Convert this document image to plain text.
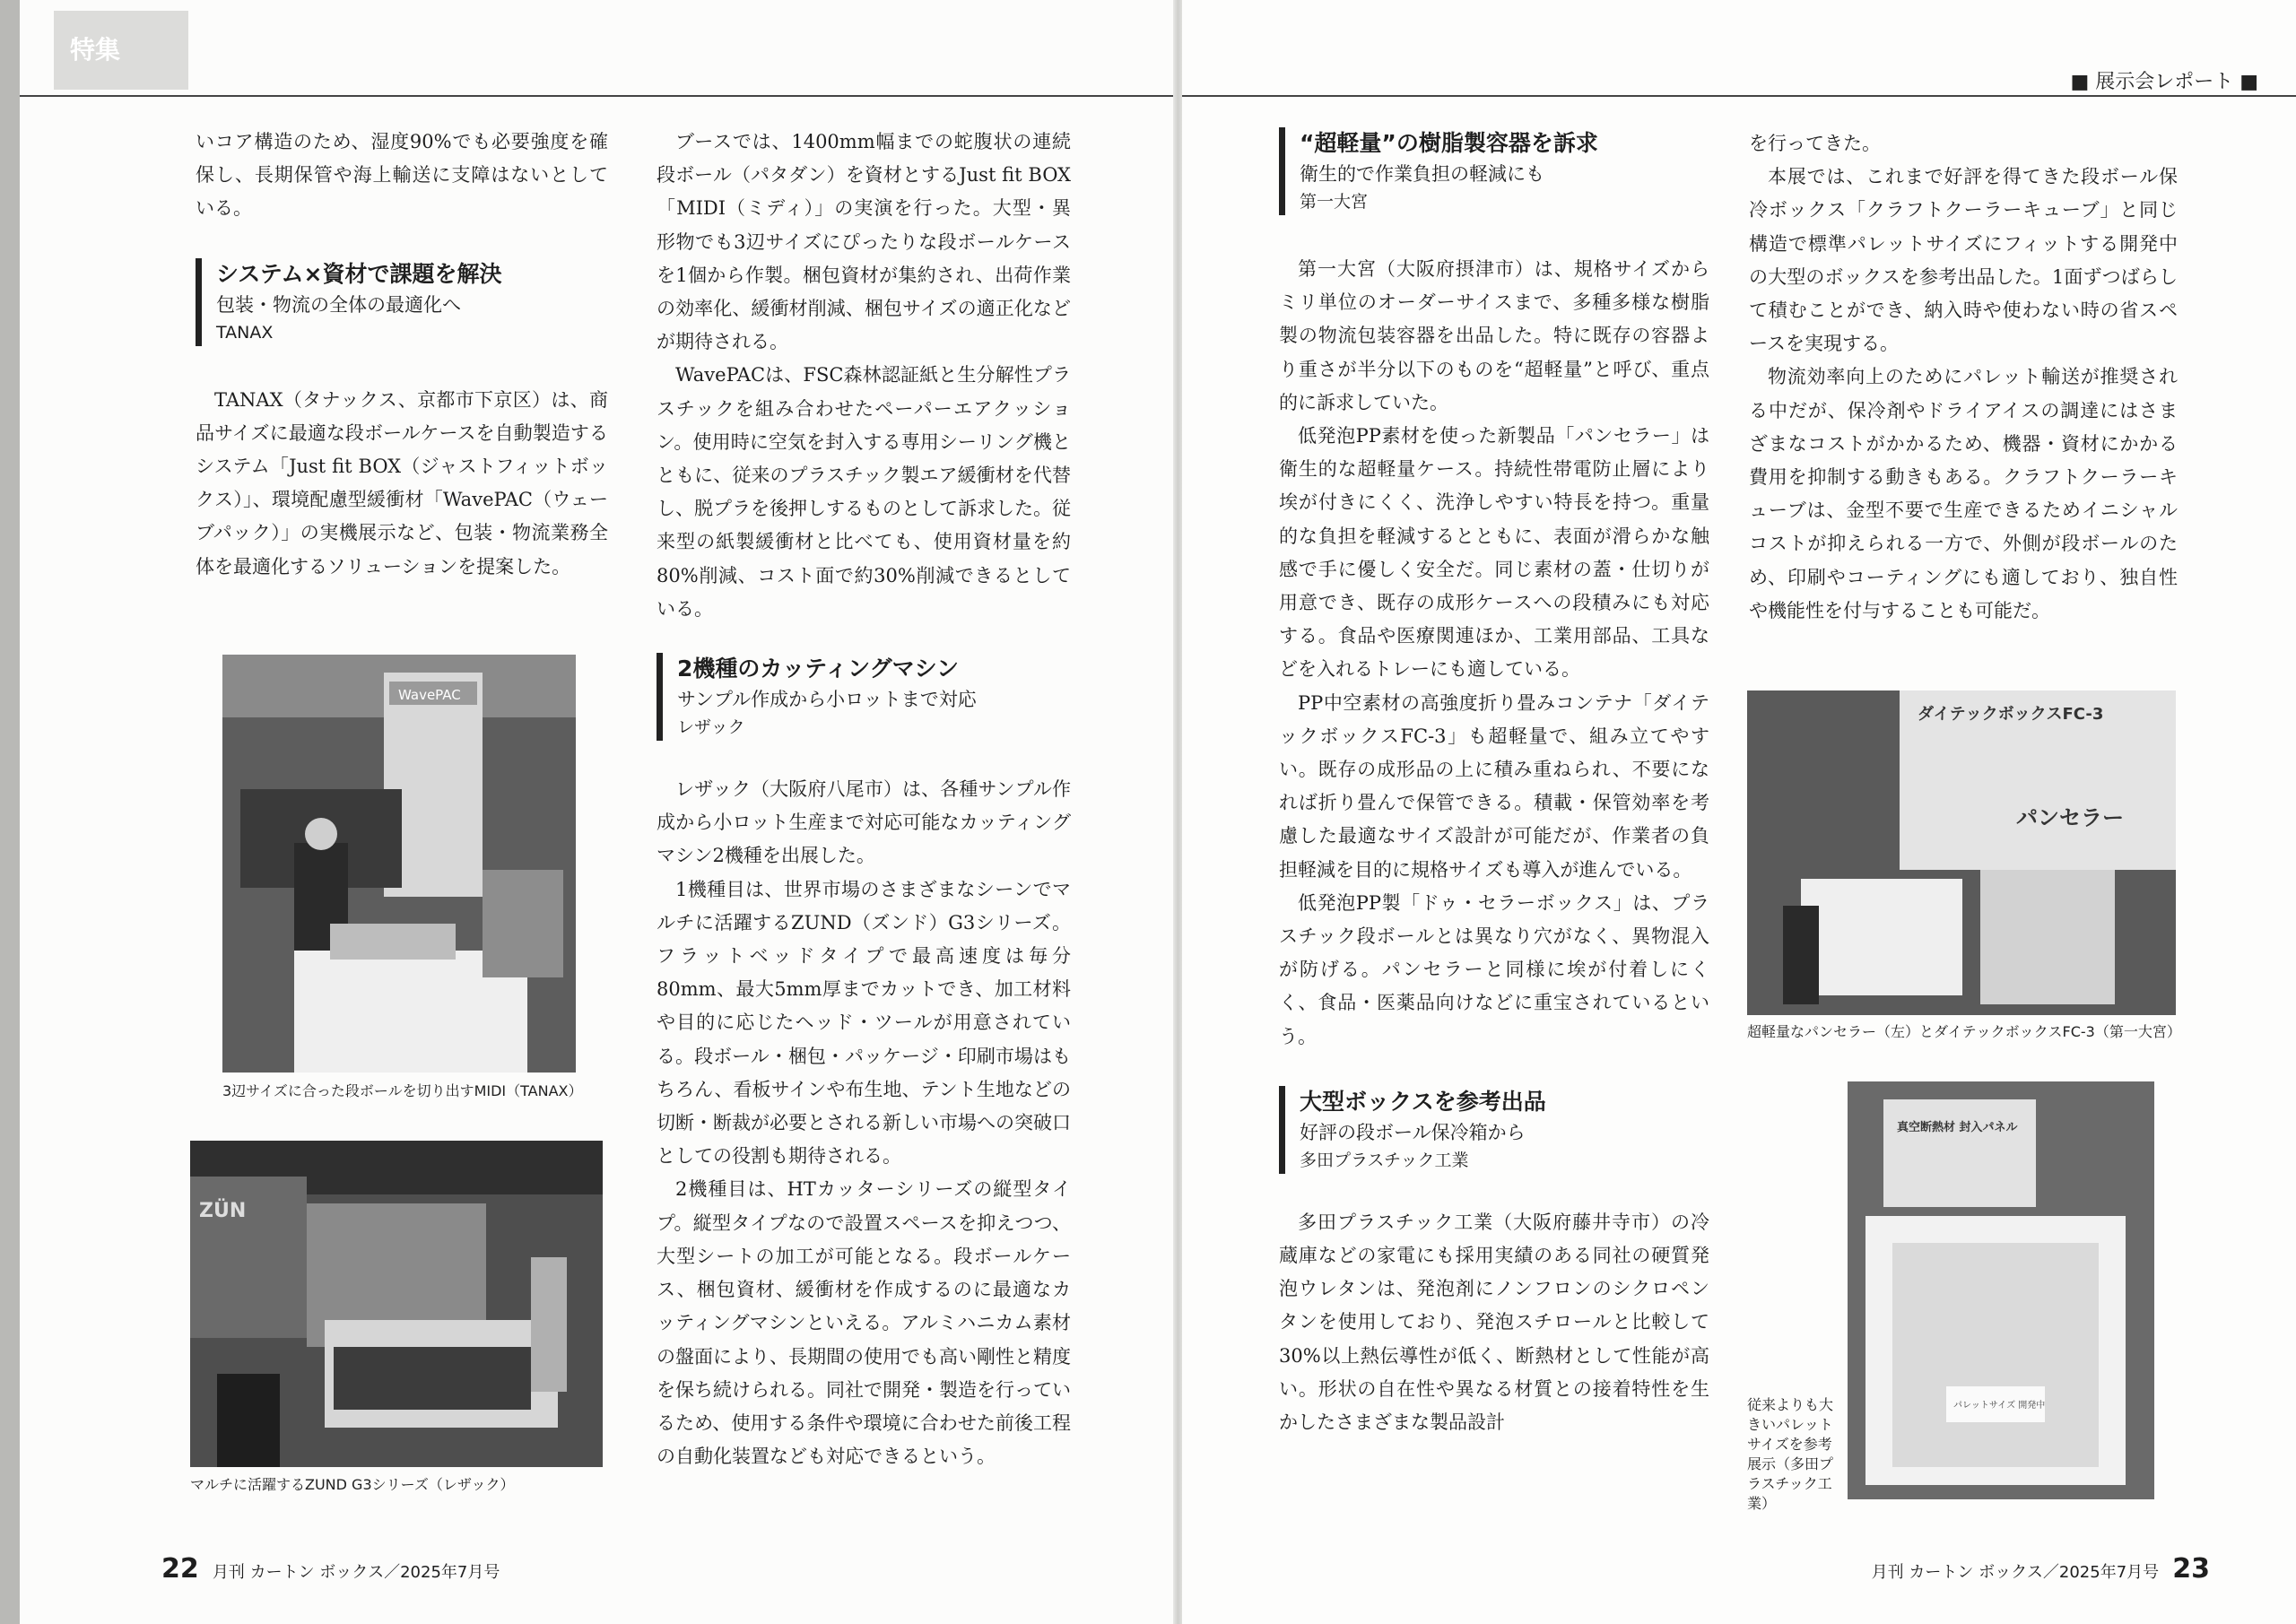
特集

いコア構造のため、湿度90%でも必要強度を確保し、長期保管や海上輸送に支障はないとしている。

システム×資材で課題を解決
包装・物流の全体の最適化へ
TANAX

TANAX（タナックス、京都市下京区）は、商品サイズに最適な段ボールケースを自動製造するシステム「Just fit BOX（ジャストフィットボックス）」、環境配慮型緩衝材「WavePAC（ウェーブパック）」の実機展示など、包装・物流業務全体を最適化するソリューションを提案した。

WavePAC
3辺サイズに合った段ボールを切り出すMIDI（TANAX）
ZÜN
マルチに活躍するZUND G3シリーズ（レザック）

ブースでは、1400mm幅までの蛇腹状の連続段ボール（パタダン）を資材とするJust fit BOX「MIDI（ミディ）」の実演を行った。大型・異形物でも3辺サイズにぴったりな段ボールケースを1個から作製。梱包資材が集約され、出荷作業の効率化、緩衝材削減、梱包サイズの適正化などが期待される。

WavePACは、FSC森林認証紙と生分解性プラスチックを組み合わせたペーパーエアクッション。使用時に空気を封入する専用シーリング機とともに、従来のプラスチック製エア緩衝材を代替し、脱プラを後押しするものとして訴求した。従来型の紙製緩衝材と比べても、使用資材量を約80%削減、コスト面で約30%削減できるとしている。

2機種のカッティングマシン
サンプル作成から小ロットまで対応
レザック

レザック（大阪府八尾市）は、各種サンプル作成から小ロット生産まで対応可能なカッティングマシン2機種を出展した。

1機種目は、世界市場のさまざまなシーンでマルチに活躍するZUND（ズンド）G3シリーズ。フラットベッドタイプで最高速度は毎分80mm、最大5mm厚までカットでき、加工材料や目的に応じたヘッド・ツールが用意されている。段ボール・梱包・パッケージ・印刷市場はもちろん、看板サインや布生地、テント生地などの切断・断裁が必要とされる新しい市場への突破口としての役割も期待される。

2機種目は、HTカッターシリーズの縦型タイプ。縦型タイプなので設置スペースを抑えつつ、大型シートの加工が可能となる。段ボールケース、梱包資材、緩衝材を作成するのに最適なカッティングマシンといえる。アルミハニカム素材の盤面により、長期間の使用でも高い剛性と精度を保ち続けられる。同社で開発・製造を行っているため、使用する条件や環境に合わせた前後工程の自動化装置なども対応できるという。

22 月刊 カートン ボックス／2025年7月号
■ 展示会レポート ■
“超軽量”の樹脂製容器を訴求
衛生的で作業負担の軽減にも
第一大宮

第一大宮（大阪府摂津市）は、規格サイズからミリ単位のオーダーサイスまで、多種多様な樹脂製の物流包装容器を出品した。特に既存の容器より重さが半分以下のものを“超軽量”と呼び、重点的に訴求していた。

低発泡PP素材を使った新製品「パンセラー」は衛生的な超軽量ケース。持続性帯電防止層により埃が付きにくく、洗浄しやすい特長を持つ。重量的な負担を軽減するとともに、表面が滑らかな触感で手に優しく安全だ。同じ素材の蓋・仕切りが用意でき、既存の成形ケースへの段積みにも対応する。食品や医療関連ほか、工業用部品、工具などを入れるトレーにも適している。

PP中空素材の高強度折り畳みコンテナ「ダイテックボックスFC-3」も超軽量で、組み立てやすい。既存の成形品の上に積み重ねられ、不要になれば折り畳んで保管できる。積載・保管効率を考慮した最適なサイズ設計が可能だが、作業者の負担軽減を目的に規格サイズも導入が進んでいる。

低発泡PP製「ドゥ・セラーボックス」は、プラスチック段ボールとは異なり穴がなく、異物混入が防げる。パンセラーと同様に埃が付着しにくく、食品・医薬品向けなどに重宝されているという。

大型ボックスを参考出品
好評の段ボール保冷箱から
多田プラスチック工業

多田プラスチック工業（大阪府藤井寺市）の冷蔵庫などの家電にも採用実績のある同社の硬質発泡ウレタンは、発泡剤にノンフロンのシクロペンタンを使用しており、発泡スチロールと比較して30%以上熱伝導性が低く、断熱材として性能が高い。形状の自在性や異なる材質との接着特性を生かしたさまざまな製品設計

を行ってきた。

本展では、これまで好評を得てきた段ボール保冷ボックス「クラフトクーラーキューブ」と同じ構造で標準パレットサイズにフィットする開発中の大型のボックスを参考出品した。1面ずつばらして積むことができ、納入時や使わない時の省スペースを実現する。

物流効率向上のためにパレット輸送が推奨される中だが、保冷剤やドライアイスの調達にはさまざまなコストがかかるため、機器・資材にかかる費用を抑制する動きもある。クラフトクーラーキューブは、金型不要で生産できるためイニシャルコストが抑えられる一方で、外側が段ボールのため、印刷やコーティングにも適しており、独自性や機能性を付与することも可能だ。

ダイテックボックスFC-3
パンセラー
超軽量なパンセラー（左）とダイテックボックスFC-3（第一大宮）
真空断熱材 封入パネル
パレットサイズ 開発中
従来よりも大きいパレットサイズを参考展示（多田プラスチック工業）
月刊 カートン ボックス／2025年7月号 23
